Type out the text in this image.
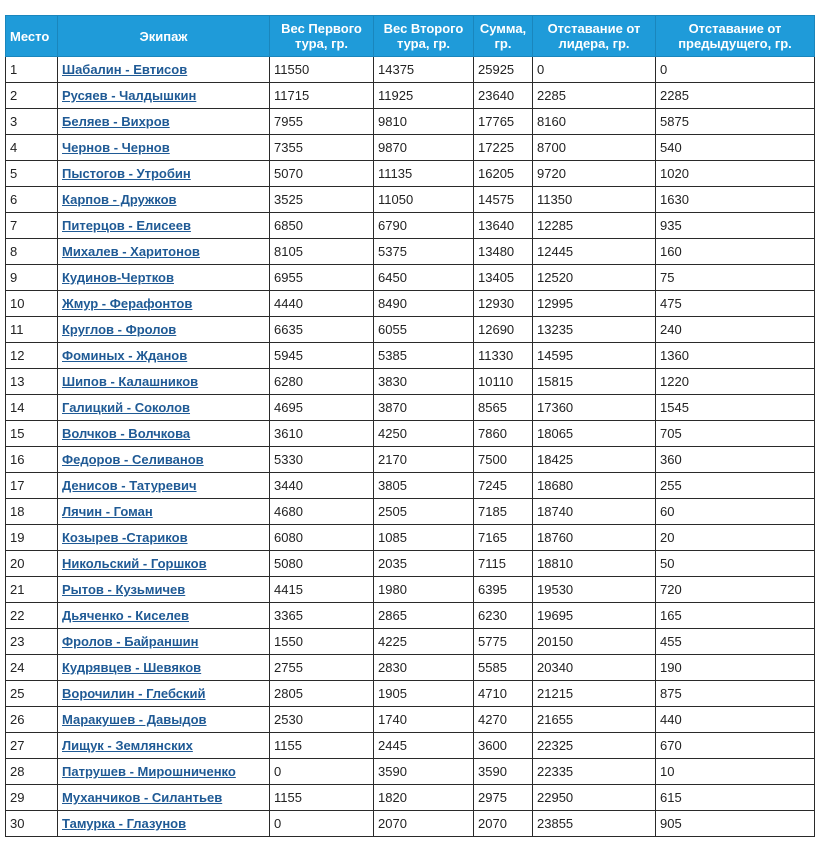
Место	Экипаж	Вес Первого тура, гр.	Вес Второго тура, гр.	Сумма, гр.	Отставание от лидера, гр.	Отставание от предыдущего, гр.
1	Шабалин - Евтисов	11550	14375	25925	0	0
2	Русяев - Чалдышкин	11715	11925	23640	2285	2285
3	Беляев - Вихров	7955	9810	17765	8160	5875
4	Чернов - Чернов	7355	9870	17225	8700	540
5	Пыстогов - Утробин	5070	11135	16205	9720	1020
6	Карпов - Дружков	3525	11050	14575	11350	1630
7	Питерцов - Елисеев	6850	6790	13640	12285	935
8	Михалев - Харитонов	8105	5375	13480	12445	160
9	Кудинов-Чертков	6955	6450	13405	12520	75
10	Жмур - Ферафонтов	4440	8490	12930	12995	475
11	Круглов - Фролов	6635	6055	12690	13235	240
12	Фоминых - Жданов	5945	5385	11330	14595	1360
13	Шипов - Калашников	6280	3830	10110	15815	1220
14	Галицкий - Соколов	4695	3870	8565	17360	1545
15	Волчков - Волчкова	3610	4250	7860	18065	705
16	Федоров - Селиванов	5330	2170	7500	18425	360
17	Денисов - Татуревич	3440	3805	7245	18680	255
18	Лячин - Гоман	4680	2505	7185	18740	60
19	Козырев -Стариков	6080	1085	7165	18760	20
20	Никольский - Горшков	5080	2035	7115	18810	50
21	Рытов - Кузьмичев	4415	1980	6395	19530	720
22	Дьяченко - Киселев	3365	2865	6230	19695	165
23	Фролов - Байраншин	1550	4225	5775	20150	455
24	Кудрявцев - Шевяков	2755	2830	5585	20340	190
25	Ворочилин - Глебский	2805	1905	4710	21215	875
26	Маракушев - Давыдов	2530	1740	4270	21655	440
27	Лищук - Землянских	1155	2445	3600	22325	670
28	Патрушев - Мирошниченко	0	3590	3590	22335	10
29	Муханчиков - Силантьев	1155	1820	2975	22950	615
30	Тамурка - Глазунов	0	2070	2070	23855	905
